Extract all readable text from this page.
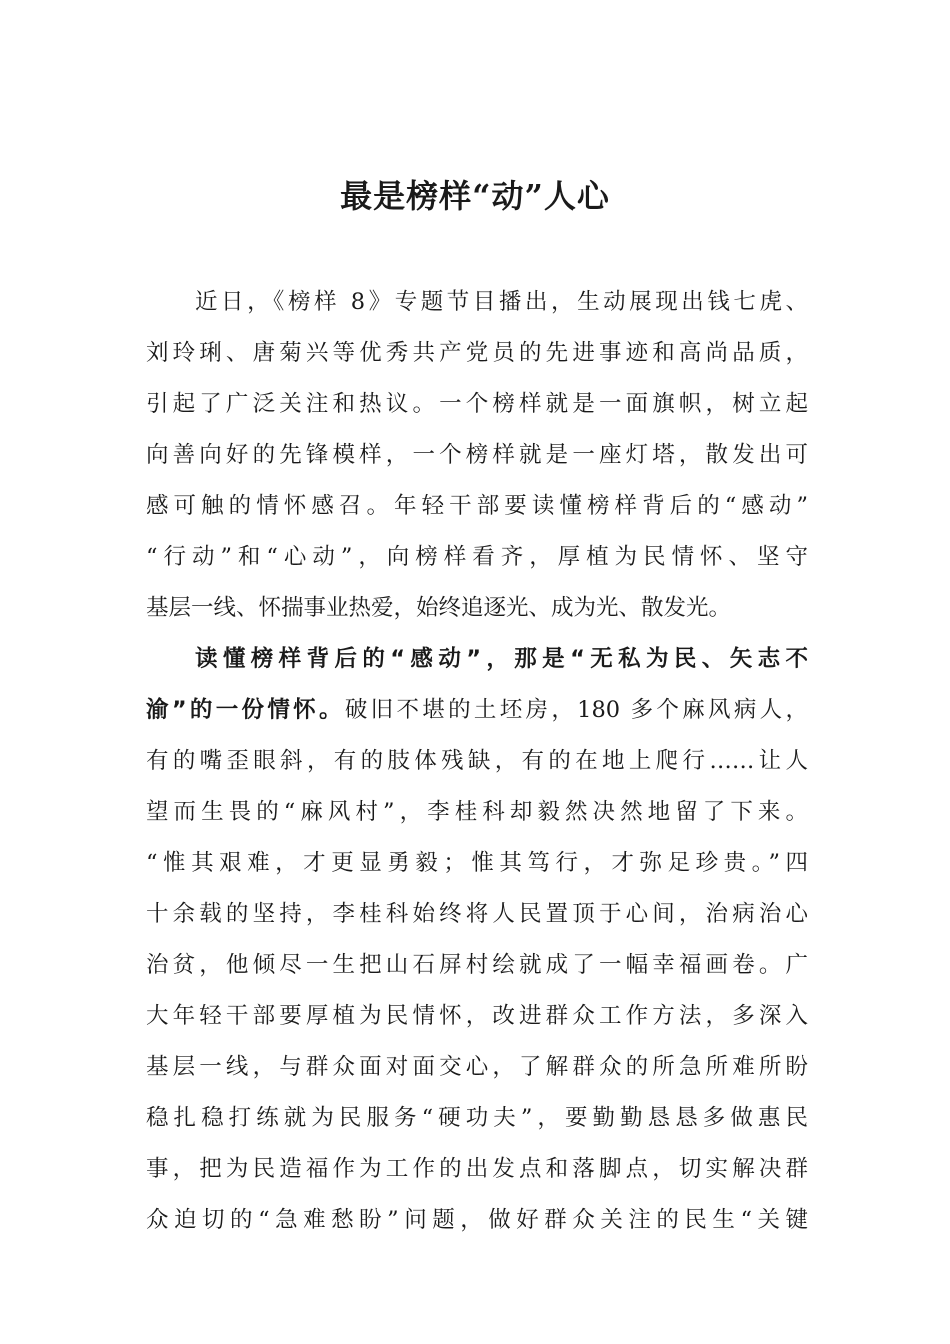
最是榜样“动”人心
近日，《榜样 8》专题节目播出，生动展现出钱七虎、
刘玲琍、唐菊兴等优秀共产党员的先进事迹和高尚品质，
引起了广泛关注和热议。一个榜样就是一面旗帜，树立起
向善向好的先锋模样，一个榜样就是一座灯塔，散发出可
感可触的情怀感召。年轻干部要读懂榜样背后的“感动”
“行动”和“心动”，向榜样看齐，厚植为民情怀、坚守
基层一线、怀揣事业热爱，始终追逐光、成为光、散发光。
读懂榜样背后的“感动”，那是“无私为民、矢志不
渝”的一份情怀。破旧不堪的土坯房，180 多个麻风病人，
有的嘴歪眼斜，有的肢体残缺，有的在地上爬行……让人
望而生畏的“麻风村”，李桂科却毅然决然地留了下来。
“惟其艰难，才更显勇毅；惟其笃行，才弥足珍贵。”四
十余载的坚持，李桂科始终将人民置顶于心间，治病治心
治贫，他倾尽一生把山石屏村绘就成了一幅幸福画卷。广
大年轻干部要厚植为民情怀，改进群众工作方法，多深入
基层一线，与群众面对面交心，了解群众的所急所难所盼
稳扎稳打练就为民服务“硬功夫”，要勤勤恳恳多做惠民
事，把为民造福作为工作的出发点和落脚点，切实解决群
众迫切的“急难愁盼”问题，做好群众关注的民生“关键
